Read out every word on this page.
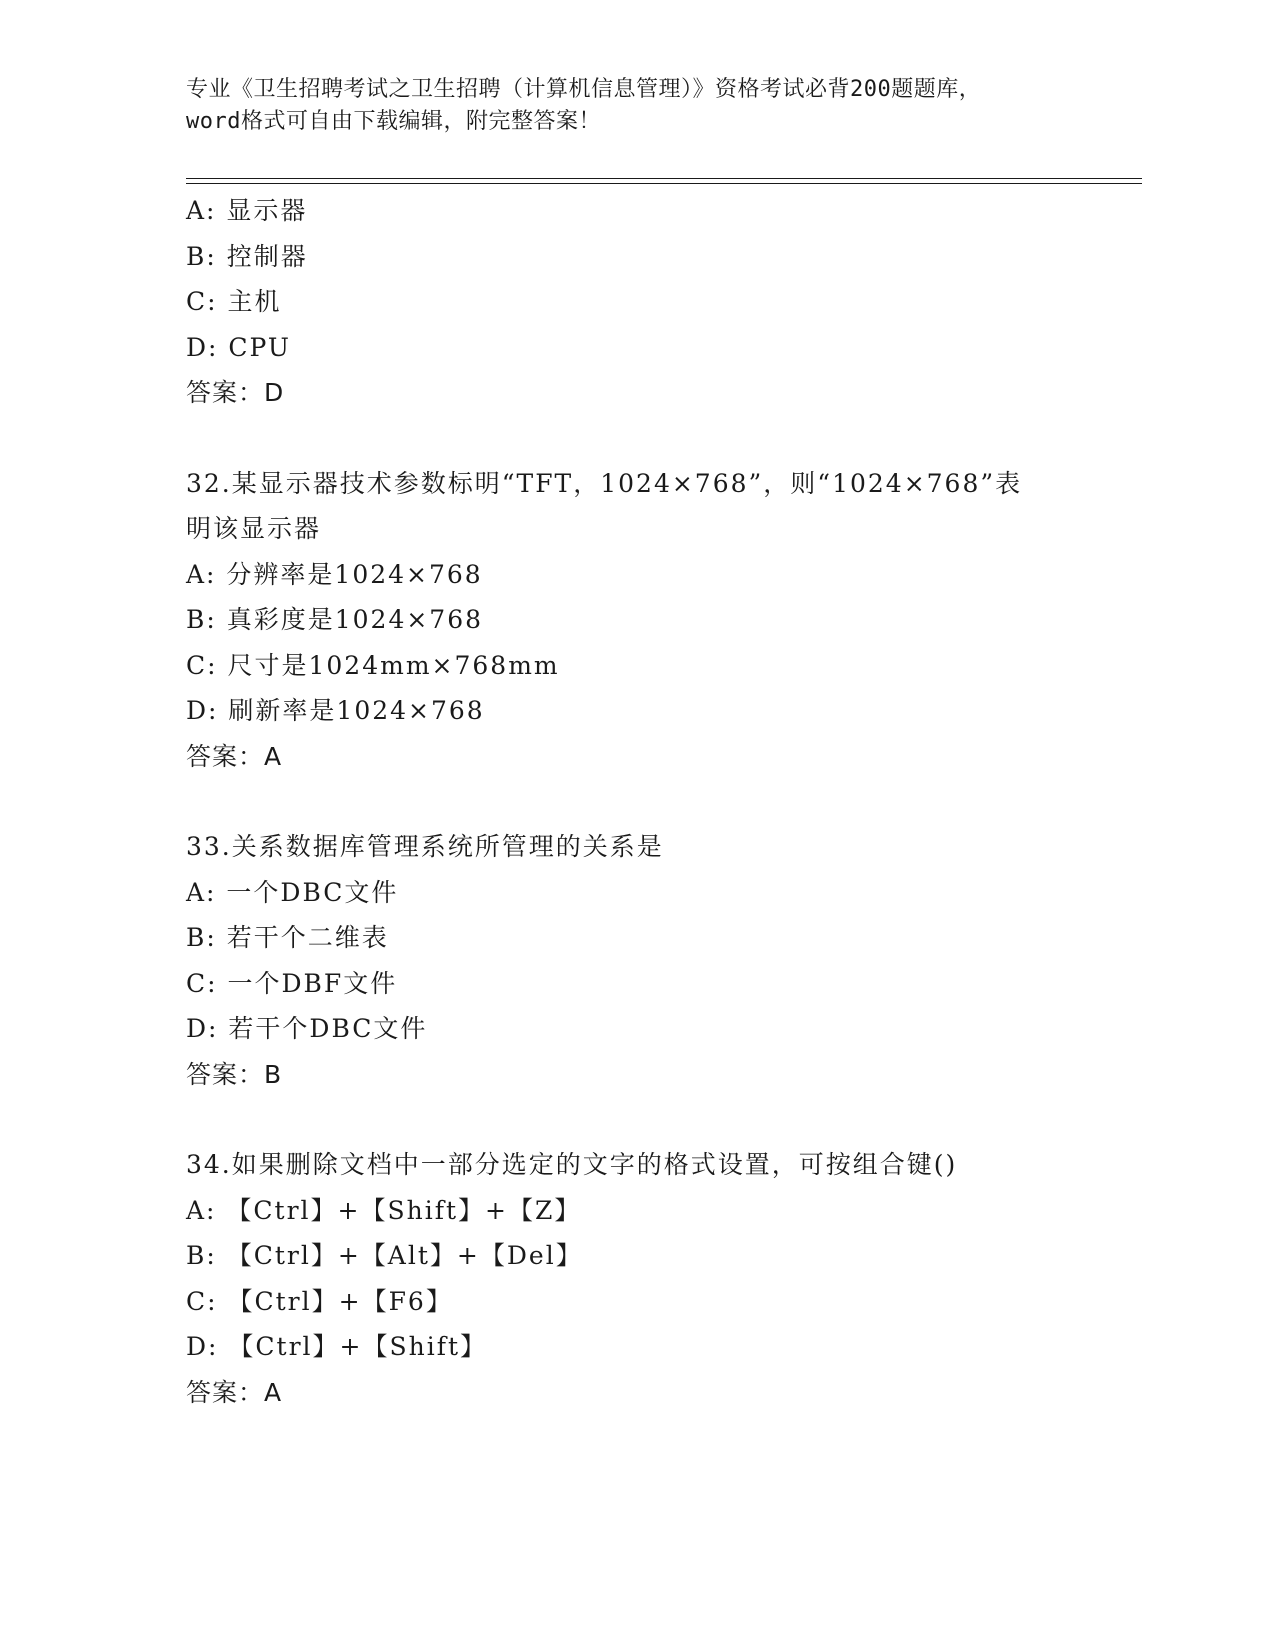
专业《卫生招聘考试之卫生招聘（计算机信息管理）》资格考试必背200题题库，
word格式可自由下载编辑，附完整答案！
A: 显示器
B: 控制器
C: 主机
D: CPU
答案：D
32.某显示器技术参数标明“TFT，1024×768”，则“1024×768”表明该显示器
A: 分辨率是1024×768
B: 真彩度是1024×768
C: 尺寸是1024mm×768mm
D: 刷新率是1024×768
答案：A
33.关系数据库管理系统所管理的关系是
A: 一个DBC文件
B: 若干个二维表
C: 一个DBF文件
D: 若干个DBC文件
答案：B
34.如果删除文档中一部分选定的文字的格式设置，可按组合键()
A: 【Ctrl】+【Shift】+【Z】
B: 【Ctrl】+【Alt】+【Del】
C: 【Ctrl】+【F6】
D: 【Ctrl】+【Shift】
答案：A
